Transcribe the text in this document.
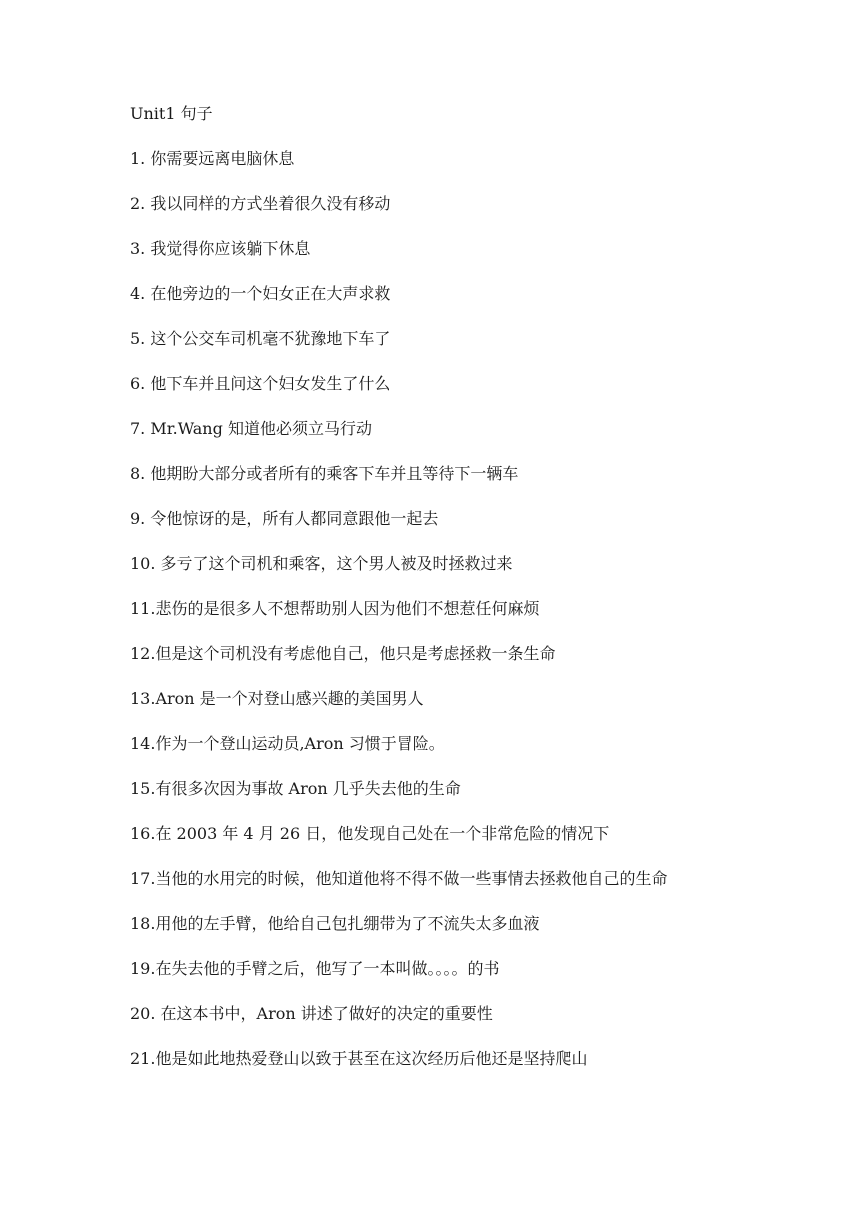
Unit1 句子
1. 你需要远离电脑休息
2. 我以同样的方式坐着很久没有移动
3. 我觉得你应该躺下休息
4. 在他旁边的一个妇女正在大声求救
5. 这个公交车司机毫不犹豫地下车了
6. 他下车并且问这个妇女发生了什么
7. Mr.Wang 知道他必须立马行动
8. 他期盼大部分或者所有的乘客下车并且等待下一辆车
9. 令他惊讶的是，所有人都同意跟他一起去
10. 多亏了这个司机和乘客，这个男人被及时拯救过来
11.悲伤的是很多人不想帮助别人因为他们不想惹任何麻烦
12.但是这个司机没有考虑他自己，他只是考虑拯救一条生命
13.Aron 是一个对登山感兴趣的美国男人
14.作为一个登山运动员,Aron 习惯于冒险。
15.有很多次因为事故 Aron 几乎失去他的生命
16.在 2003 年 4 月 26 日，他发现自己处在一个非常危险的情况下
17.当他的水用完的时候，他知道他将不得不做一些事情去拯救他自己的生命
18.用他的左手臂，他给自己包扎绷带为了不流失太多血液
19.在失去他的手臂之后，他写了一本叫做。。。。的书
20. 在这本书中，Aron 讲述了做好的决定的重要性
21.他是如此地热爱登山以致于甚至在这次经历后他还是坚持爬山
